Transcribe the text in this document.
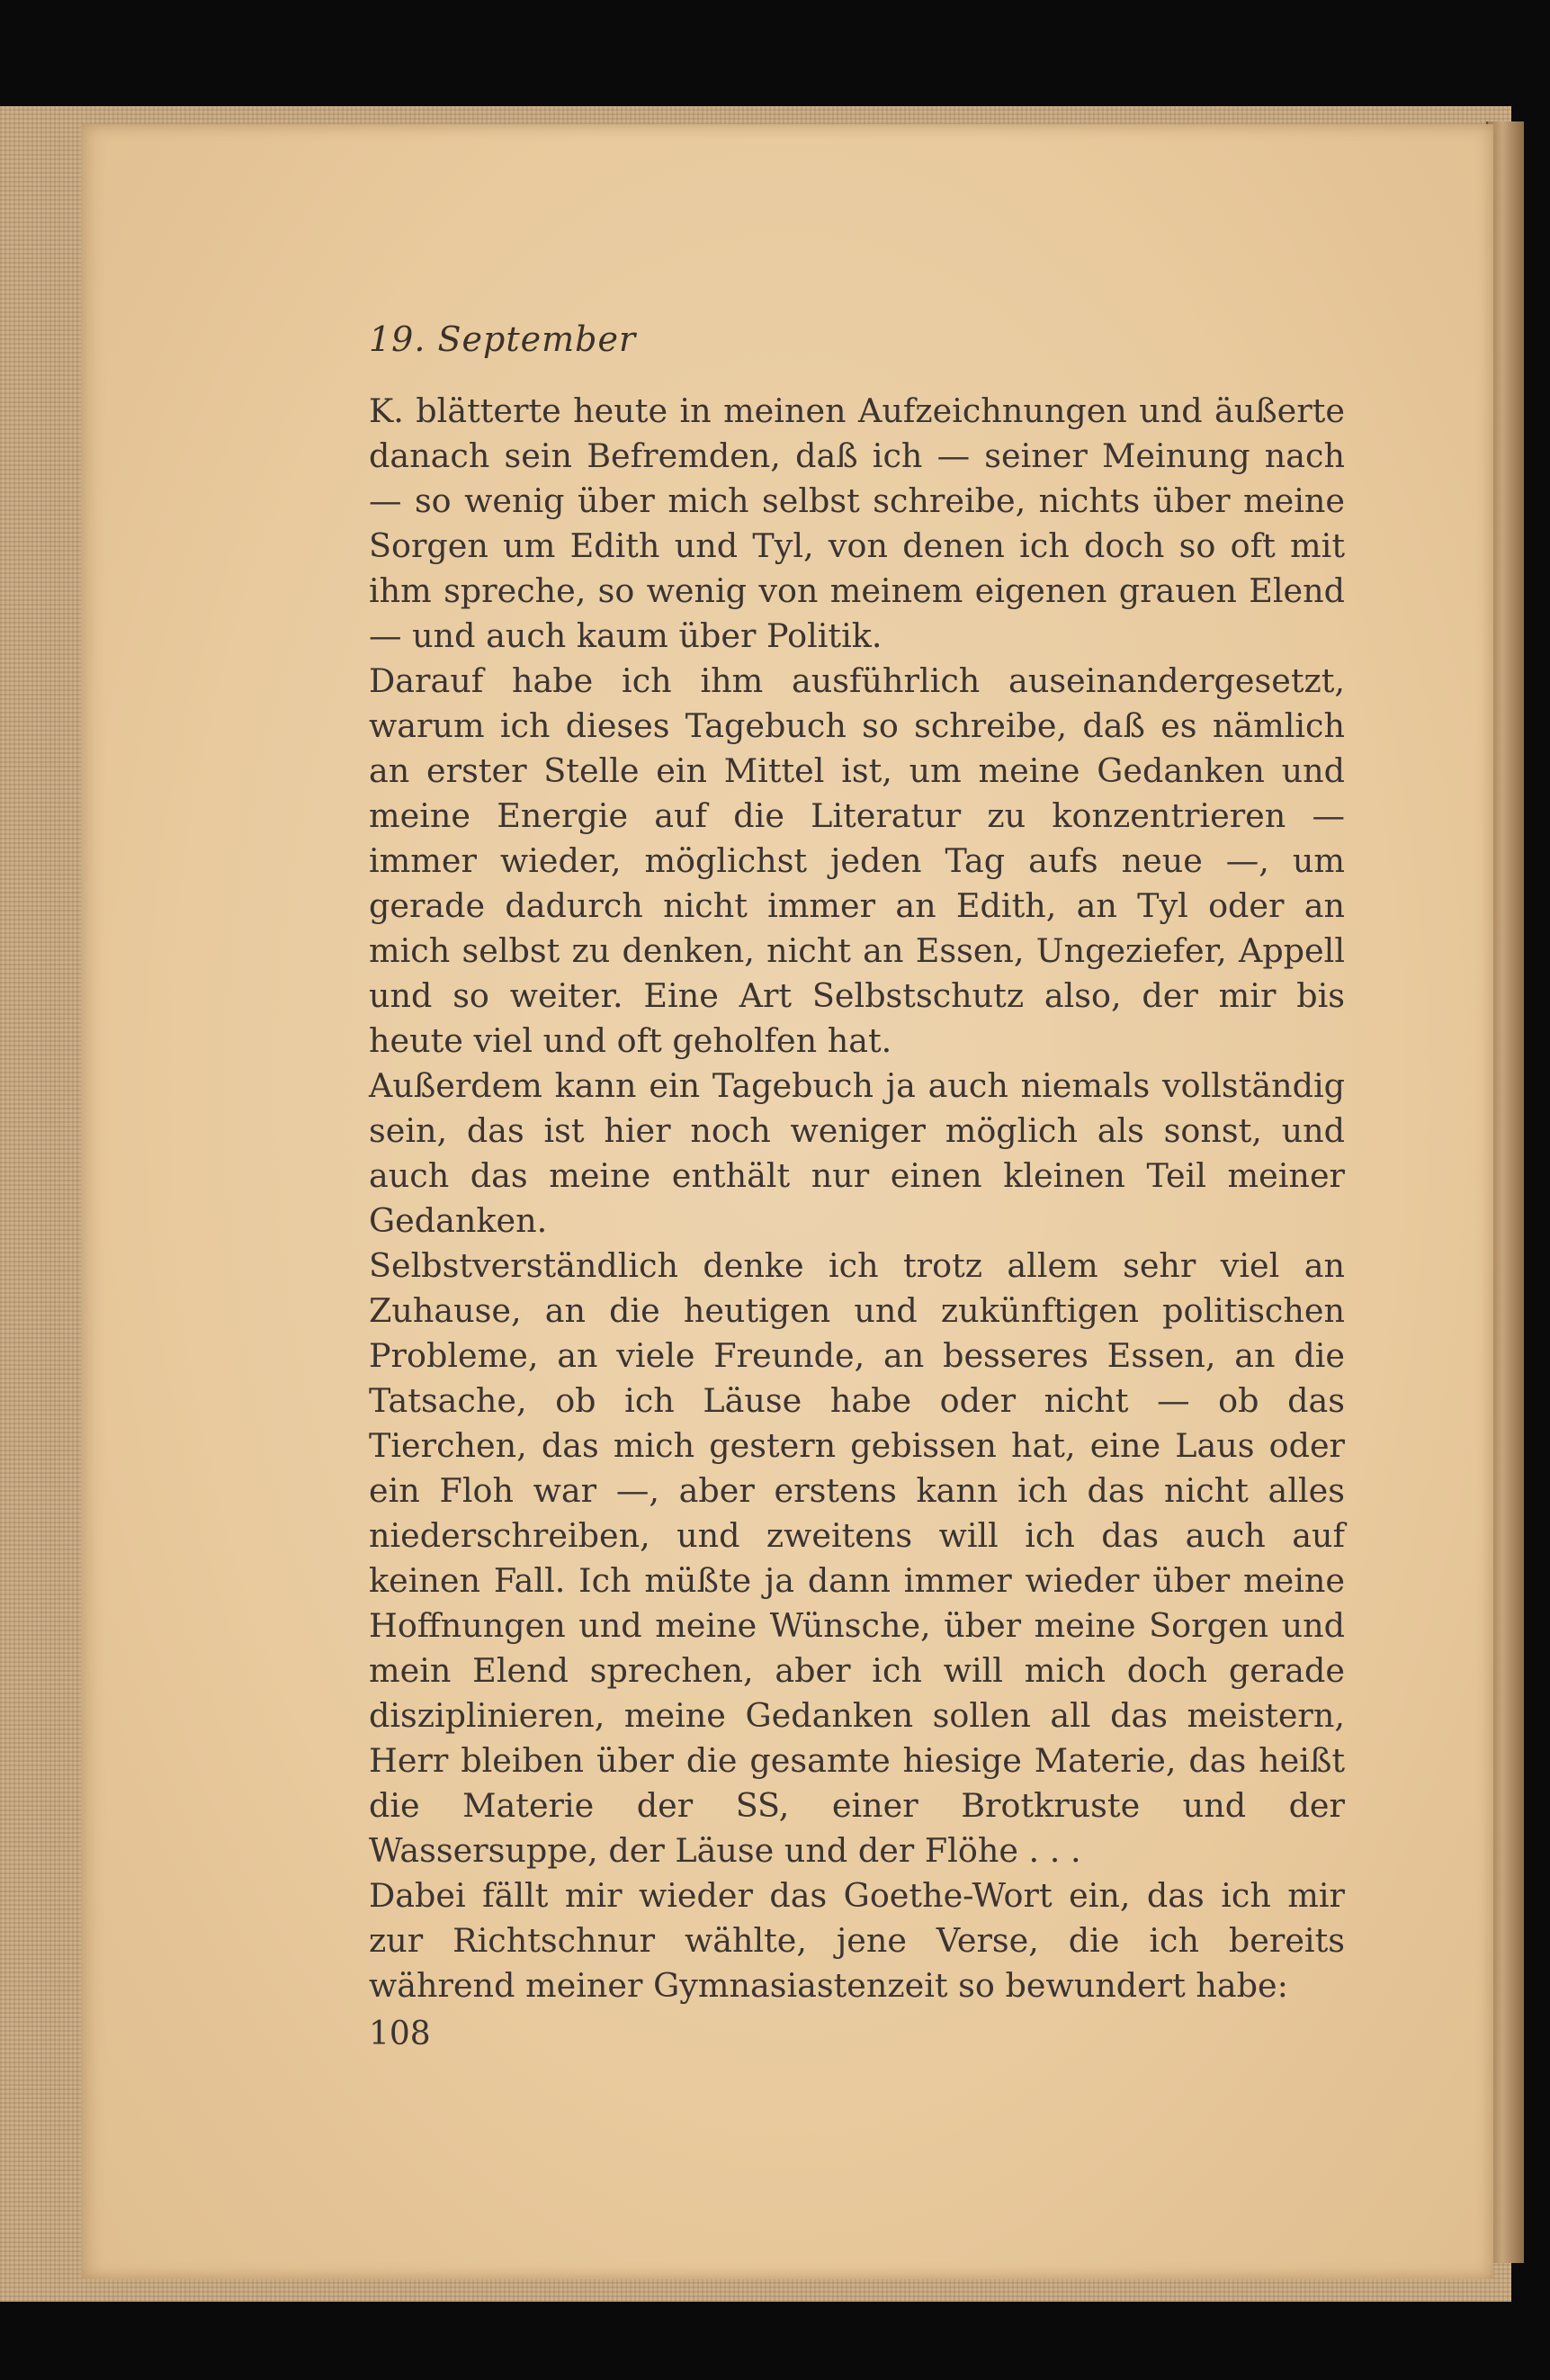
19. September

K. blätterte heute in meinen Aufzeichnungen und äußerte danach sein Befremden, daß ich — seiner Meinung nach — so wenig über mich selbst schreibe, nichts über meine Sorgen um Edith und Tyl, von denen ich doch so oft mit ihm spreche, so wenig von meinem eigenen grauen Elend — und auch kaum über Politik.

Darauf habe ich ihm ausführlich auseinandergesetzt, warum ich dieses Tagebuch so schreibe, daß es nämlich an erster Stelle ein Mittel ist, um meine Gedanken und meine Energie auf die Literatur zu konzentrieren — immer wieder, möglichst jeden Tag aufs neue —, um gerade dadurch nicht immer an Edith, an Tyl oder an mich selbst zu denken, nicht an Essen, Ungeziefer, Appell und so weiter. Eine Art Selbstschutz also, der mir bis heute viel und oft geholfen hat.

Außerdem kann ein Tagebuch ja auch niemals vollständig sein, das ist hier noch weniger möglich als sonst, und auch das meine enthält nur einen kleinen Teil meiner Gedanken.

Selbstverständlich denke ich trotz allem sehr viel an Zuhause, an die heutigen und zukünftigen politischen Probleme, an viele Freunde, an besseres Essen, an die Tatsache, ob ich Läuse habe oder nicht — ob das Tierchen, das mich gestern gebissen hat, eine Laus oder ein Floh war —, aber erstens kann ich das nicht alles niederschreiben, und zweitens will ich das auch auf keinen Fall. Ich müßte ja dann immer wieder über meine Hoffnungen und meine Wünsche, über meine Sorgen und mein Elend sprechen, aber ich will mich doch gerade disziplinieren, meine Gedanken sollen all das meistern, Herr bleiben über die gesamte hiesige Materie, das heißt die Materie der SS, einer Brotkruste und der Wassersuppe, der Läuse und der Flöhe . . .

Dabei fällt mir wieder das Goethe-Wort ein, das ich mir zur Richtschnur wählte, jene Verse, die ich bereits während meiner Gymnasiastenzeit so bewundert habe:

108
